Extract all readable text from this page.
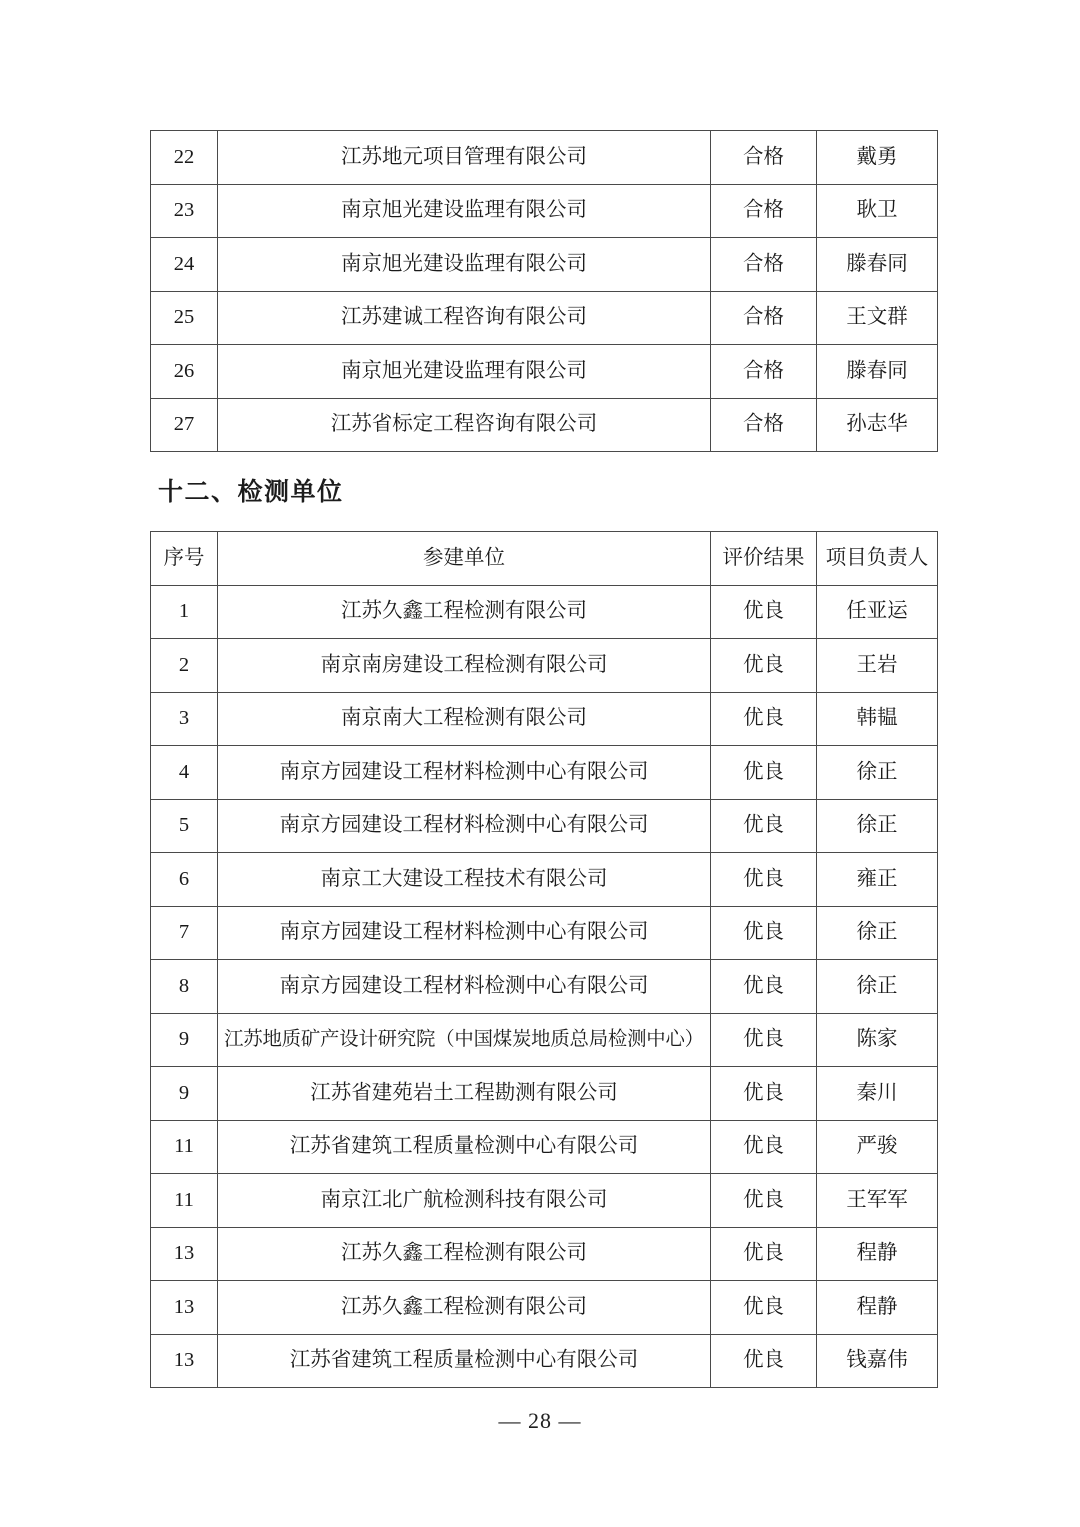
22	江苏地元项目管理有限公司	合格	戴勇
23	南京旭光建设监理有限公司	合格	耿卫
24	南京旭光建设监理有限公司	合格	滕春同
25	江苏建诚工程咨询有限公司	合格	王文群
26	南京旭光建设监理有限公司	合格	滕春同
27	江苏省标定工程咨询有限公司	合格	孙志华
十二、检测单位
序号	参建单位	评价结果	项目负责人
1	江苏久鑫工程检测有限公司	优良	任亚运
2	南京南房建设工程检测有限公司	优良	王岩
3	南京南大工程检测有限公司	优良	韩韫
4	南京方园建设工程材料检测中心有限公司	优良	徐正
5	南京方园建设工程材料检测中心有限公司	优良	徐正
6	南京工大建设工程技术有限公司	优良	雍正
7	南京方园建设工程材料检测中心有限公司	优良	徐正
8	南京方园建设工程材料检测中心有限公司	优良	徐正
9	江苏地质矿产设计研究院（中国煤炭地质总局检测中心）	优良	陈家
9	江苏省建苑岩土工程勘测有限公司	优良	秦川
11	江苏省建筑工程质量检测中心有限公司	优良	严骏
11	南京江北广航检测科技有限公司	优良	王军军
13	江苏久鑫工程检测有限公司	优良	程静
13	江苏久鑫工程检测有限公司	优良	程静
13	江苏省建筑工程质量检测中心有限公司	优良	钱嘉伟
— 28 —
